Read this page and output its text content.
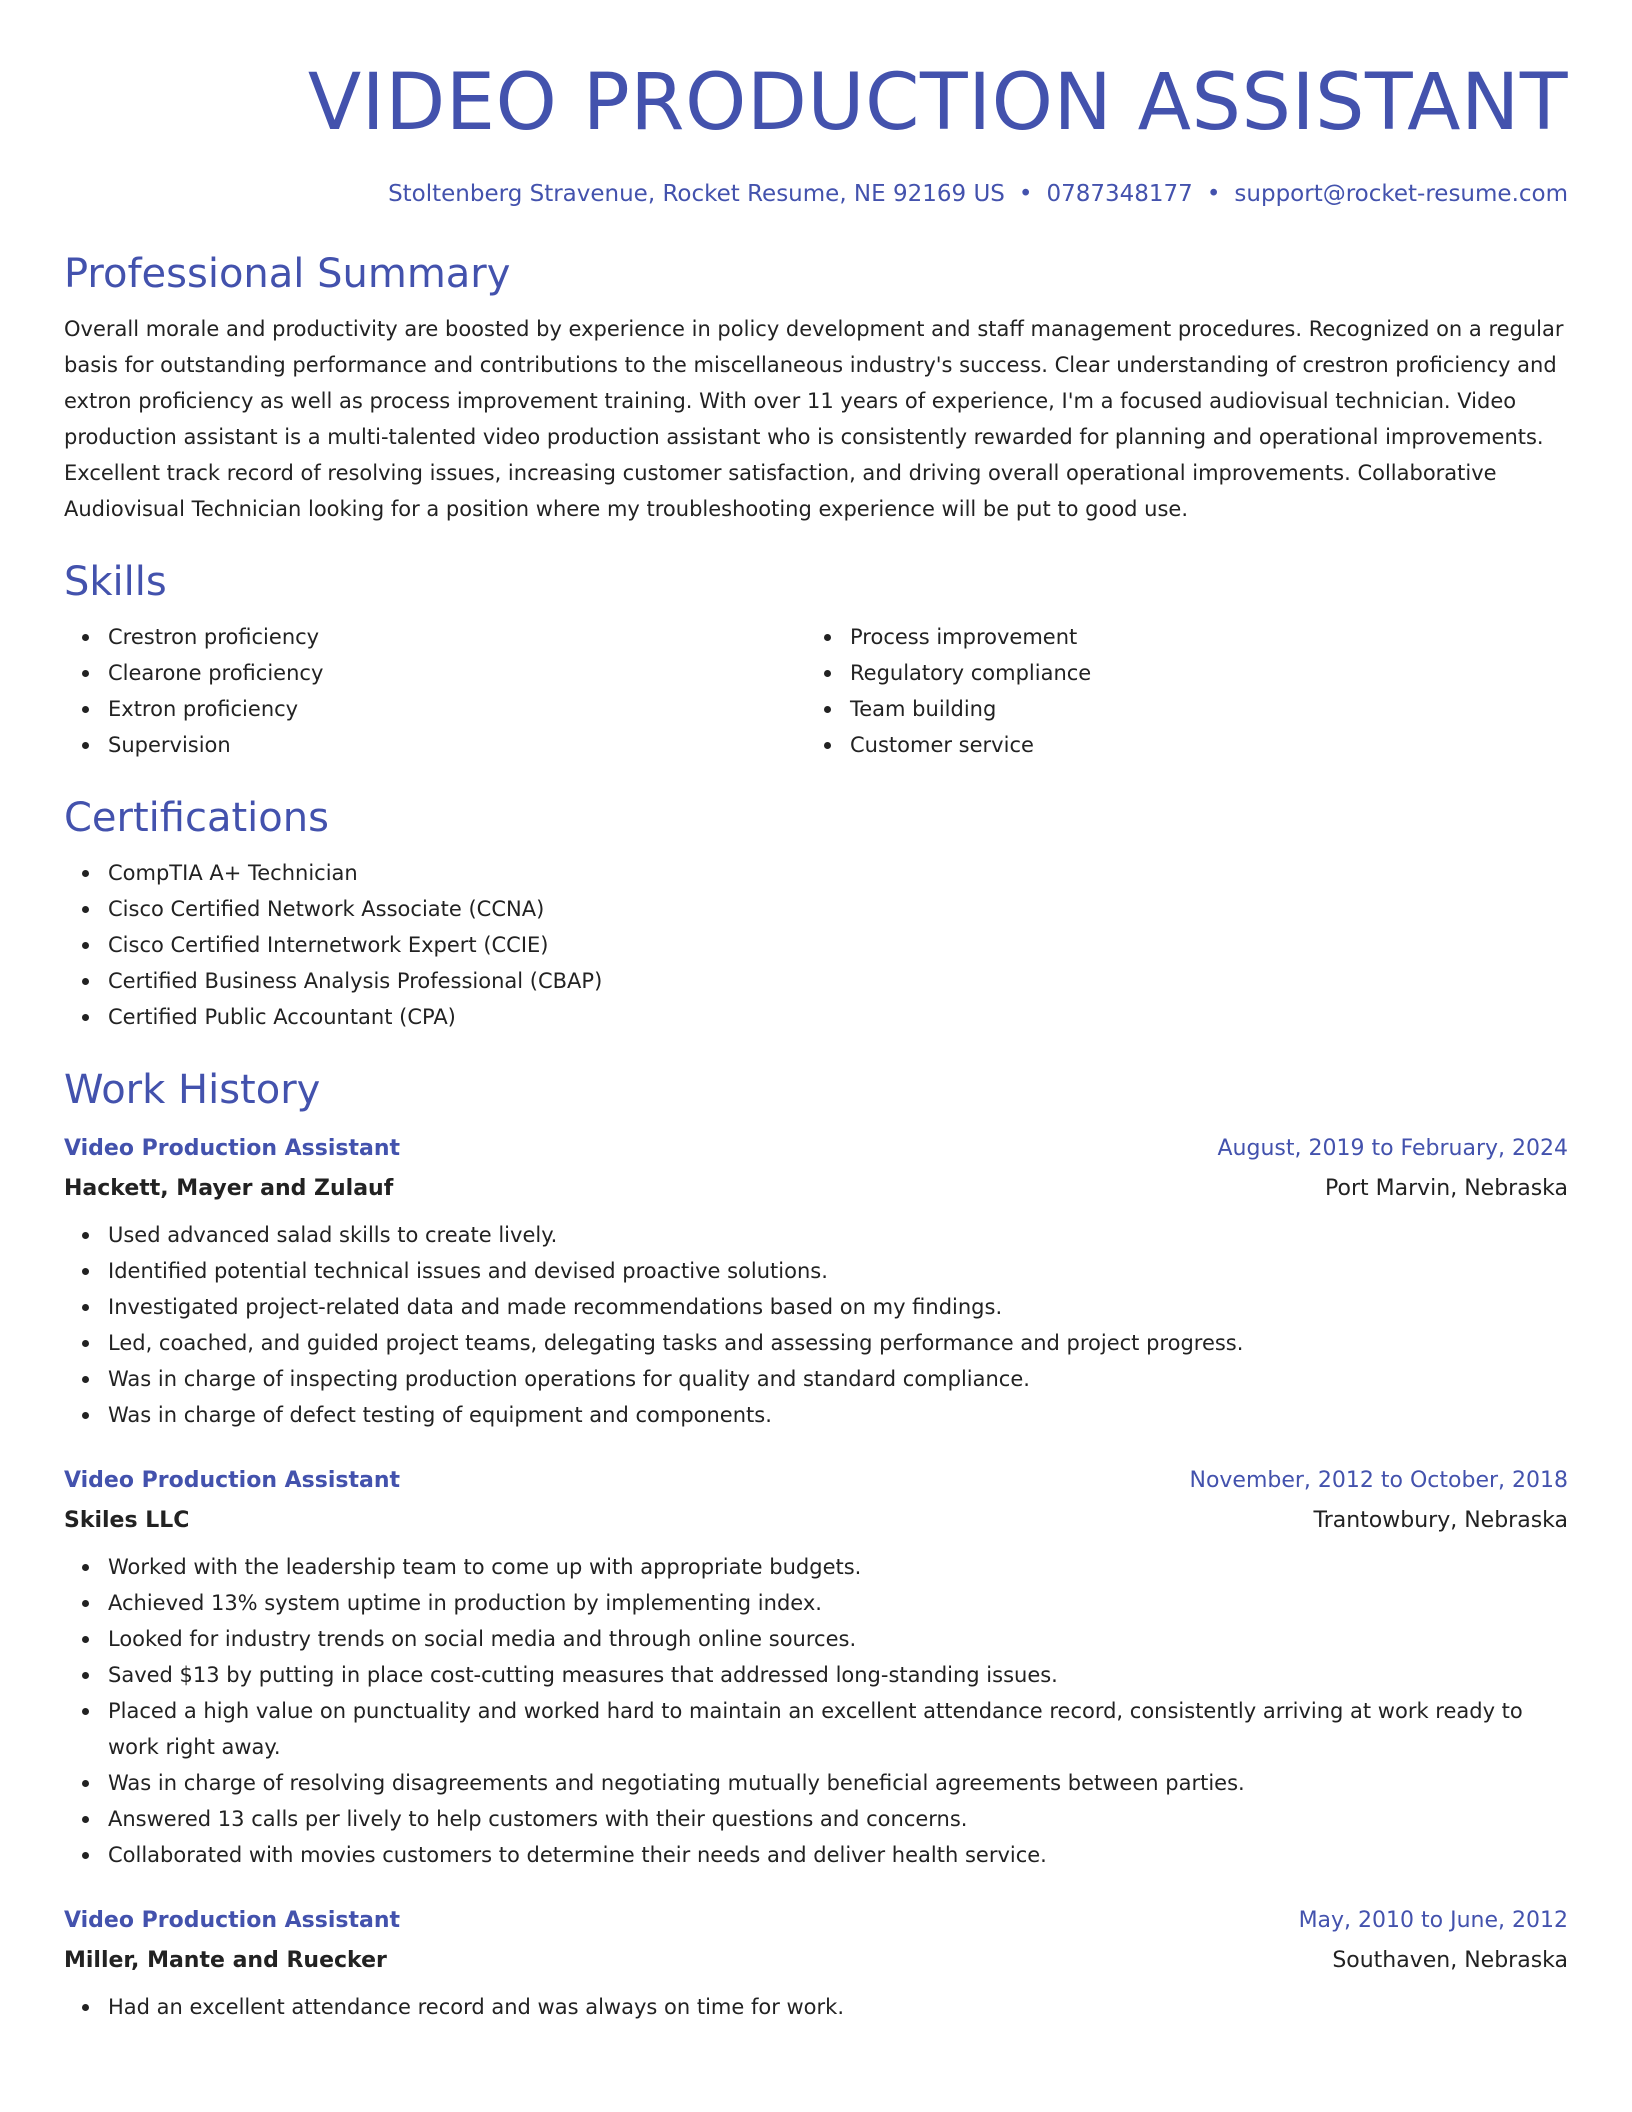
VIDEO PRODUCTION ASSISTANT
Stoltenberg Stravenue, Rocket Resume, NE 92169 US • 0787348177 • support@rocket-resume.com
Professional Summary
Overall morale and productivity are boosted by experience in policy development and staff management procedures. Recognized on a regular basis for outstanding performance and contributions to the miscellaneous industry's success. Clear understanding of crestron proficiency and extron proficiency as well as process improvement training. With over 11 years of experience, I'm a focused audiovisual technician. Video production assistant is a multi-talented video production assistant who is consistently rewarded for planning and operational improvements. Excellent track record of resolving issues, increasing customer satisfaction, and driving overall operational improvements. Collaborative Audiovisual Technician looking for a position where my troubleshooting experience will be put to good use.
Skills
Crestron proficiency
Clearone proficiency
Extron proficiency
Supervision
Process improvement
Regulatory compliance
Team building
Customer service
Certifications
CompTIA A+ Technician
Cisco Certified Network Associate (CCNA)
Cisco Certified Internetwork Expert (CCIE)
Certified Business Analysis Professional (CBAP)
Certified Public Accountant (CPA)
Work History
Video Production Assistant	August, 2019 to February, 2024
Hackett, Mayer and Zulauf	Port Marvin, Nebraska
Used advanced salad skills to create lively.
Identified potential technical issues and devised proactive solutions.
Investigated project-related data and made recommendations based on my findings.
Led, coached, and guided project teams, delegating tasks and assessing performance and project progress.
Was in charge of inspecting production operations for quality and standard compliance.
Was in charge of defect testing of equipment and components.
Video Production Assistant	November, 2012 to October, 2018
Skiles LLC	Trantowbury, Nebraska
Worked with the leadership team to come up with appropriate budgets.
Achieved 13% system uptime in production by implementing index.
Looked for industry trends on social media and through online sources.
Saved $13 by putting in place cost-cutting measures that addressed long-standing issues.
Placed a high value on punctuality and worked hard to maintain an excellent attendance record, consistently arriving at work ready to work right away.
Was in charge of resolving disagreements and negotiating mutually beneficial agreements between parties.
Answered 13 calls per lively to help customers with their questions and concerns.
Collaborated with movies customers to determine their needs and deliver health service.
Video Production Assistant	May, 2010 to June, 2012
Miller, Mante and Ruecker	Southaven, Nebraska
Had an excellent attendance record and was always on time for work.
